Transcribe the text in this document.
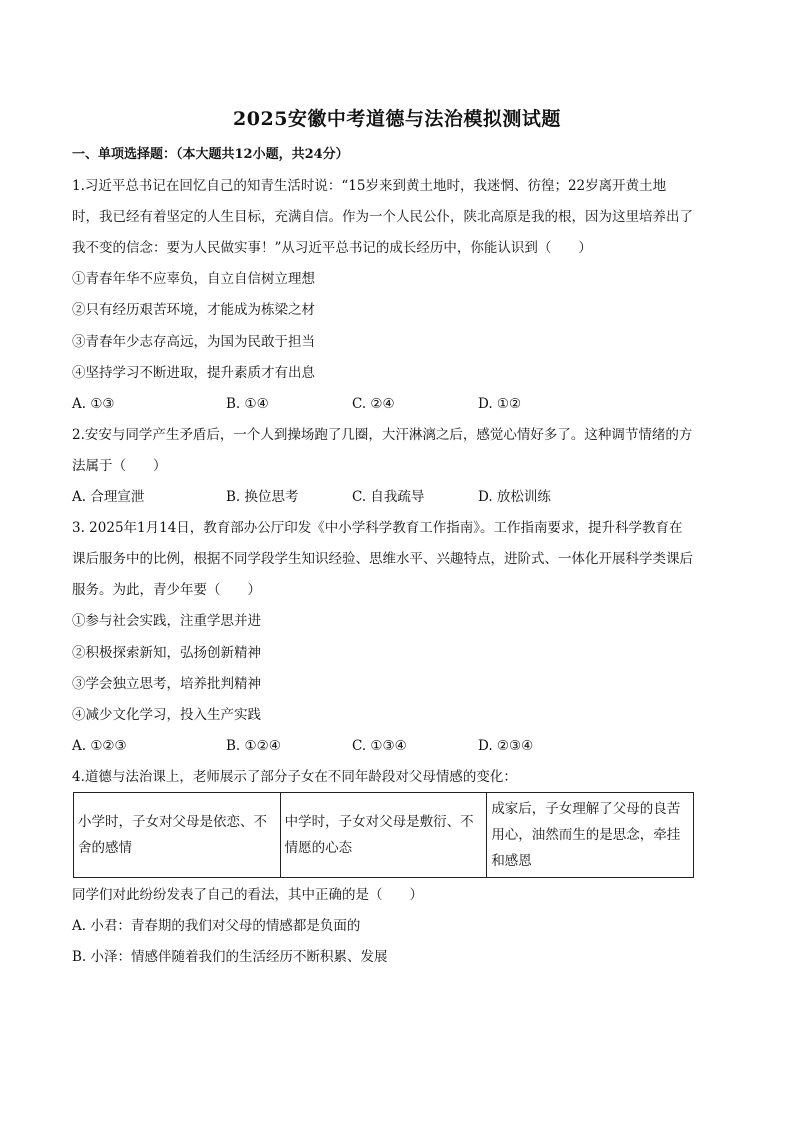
2025安徽中考道德与法治模拟测试题
一、单项选择题：（本大题共12小题，共24分）
1.习近平总书记在回忆自己的知青生活时说：“15岁来到黄土地时，我迷惘、彷徨；22岁离开黄土地
时，我已经有着坚定的人生目标，充满自信。作为一个人民公仆，陕北高原是我的根，因为这里培养出了
我不变的信念：要为人民做实事！”从习近平总书记的成长经历中，你能认识到（　　）
①青春年华不应辜负，自立自信树立理想
②只有经历艰苦环境，才能成为栋梁之材
③青春年少志存高远，为国为民敢于担当
④坚持学习不断进取，提升素质才有出息
A. ①③	B. ①④	C. ②④	D. ①②
2.安安与同学产生矛盾后，一个人到操场跑了几圈，大汗淋漓之后，感觉心情好多了。这种调节情绪的方
法属于（　　）
A. 合理宣泄	B. 换位思考	C. 自我疏导	D. 放松训练
3. 2025年1月14日，教育部办公厅印发《中小学科学教育工作指南》。工作指南要求，提升科学教育在
课后服务中的比例，根据不同学段学生知识经验、思维水平、兴趣特点，进阶式、一体化开展科学类课后
服务。为此，青少年要（　　）
①参与社会实践，注重学思并进
②积极探索新知，弘扬创新精神
③学会独立思考，培养批判精神
④减少文化学习，投入生产实践
A. ①②③	B. ①②④	C. ①③④	D. ②③④
4.道德与法治课上，老师展示了部分子女在不同年龄段对父母情感的变化：
小学时，子女对父母是依恋、不舍的感情	中学时，子女对父母是敷衍、不情愿的心态	成家后，子女理解了父母的良苦用心，油然而生的是思念，牵挂和感恩
同学们对此纷纷发表了自己的看法，其中正确的是（　　）
A. 小君：青春期的我们对父母的情感都是负面的
B. 小泽：情感伴随着我们的生活经历不断积累、发展
